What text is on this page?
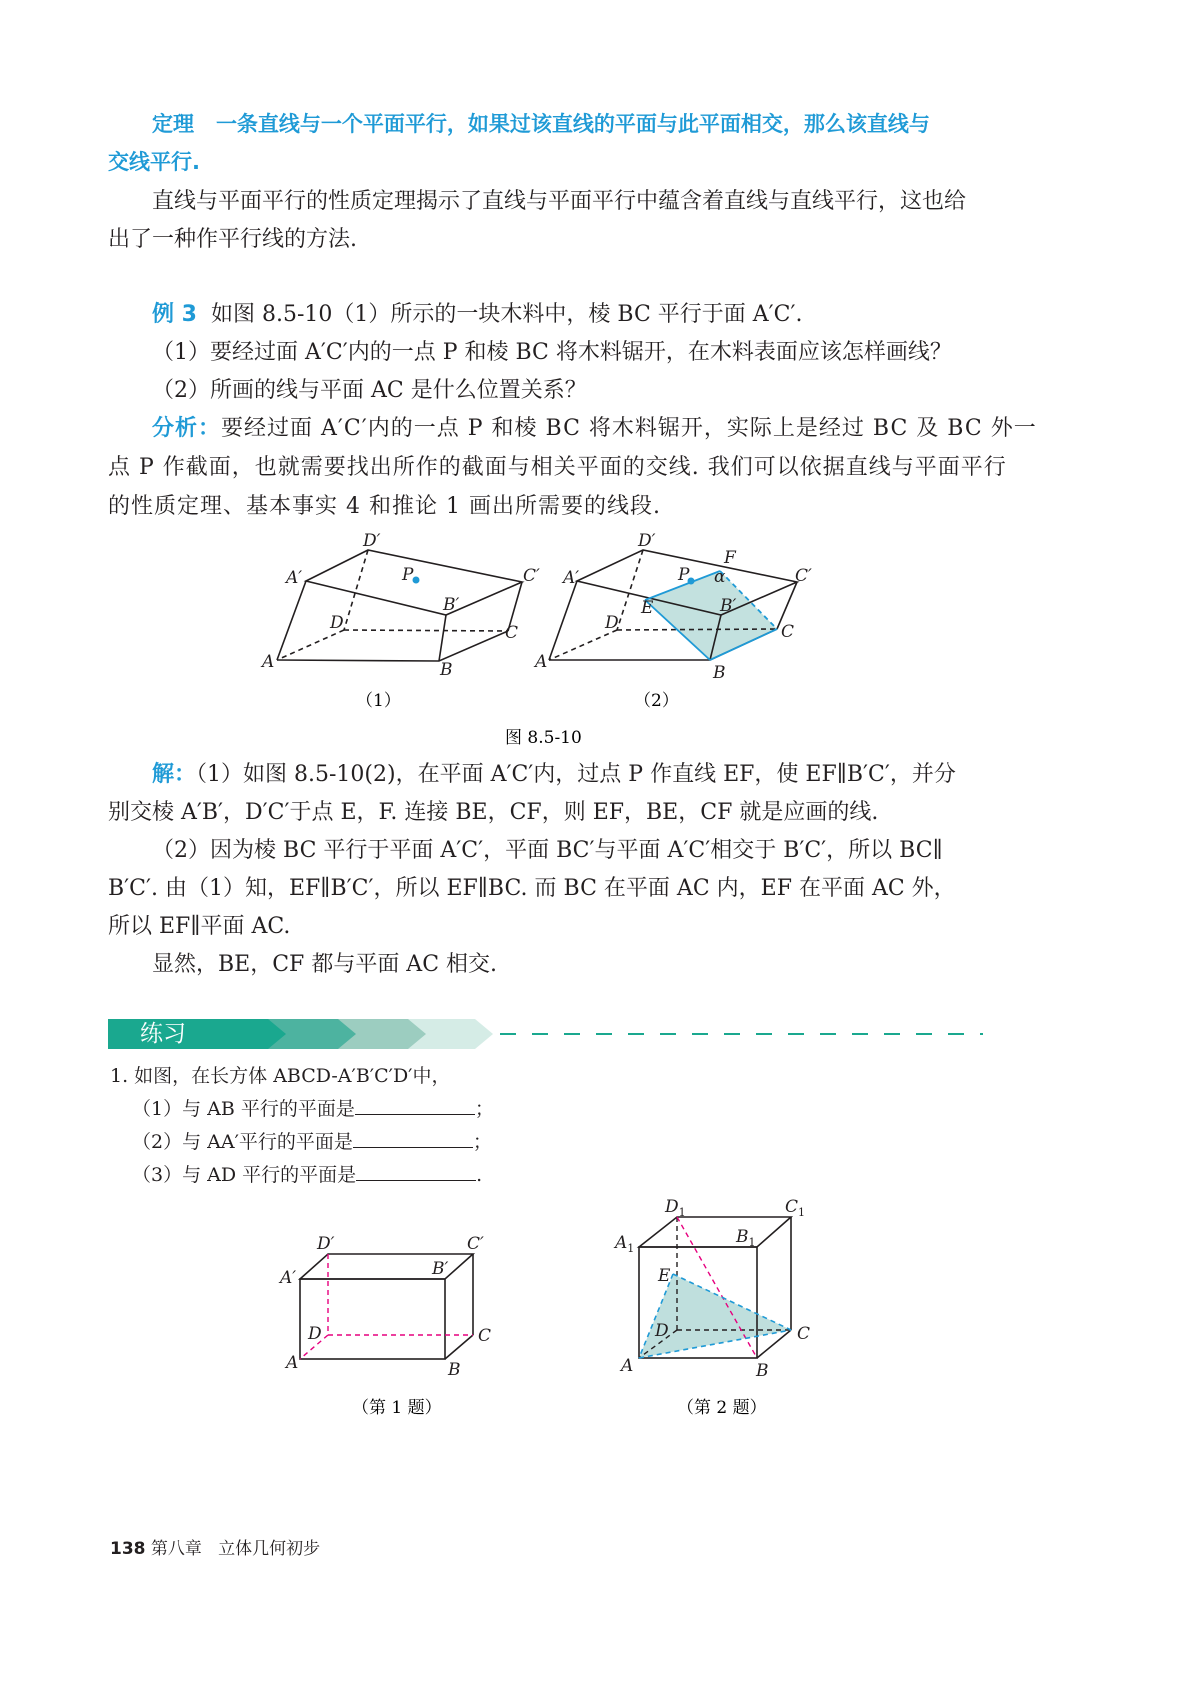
定理 一条直线与一个平面平行，如果过该直线的平面与此平面相交，那么该直线与
交线平行.
直线与平面平行的性质定理揭示了直线与平面平行中蕴含着直线与直线平行，这也给
出了一种作平行线的方法.
例 3 如图 8.5-10（1）所示的一块木料中，棱 BC 平行于面 A′C′.
（1）要经过面 A′C′内的一点 P 和棱 BC 将木料锯开，在木料表面应该怎样画线？
（2）所画的线与平面 AC 是什么位置关系？
分析：要经过面 A′C′内的一点 P 和棱 BC 将木料锯开，实际上是经过 BC 及 BC 外一
点 P 作截面，也就需要找出所作的截面与相关平面的交线. 我们可以依据直线与平面平行
的性质定理、基本事实 4 和推论 1 画出所需要的线段.
D′
A′	P	C′
B′
D	C
A	B
（1）
D′
F
A′	P α	C′
E	B′
D	C
A
B
（2）
图 8.5-10
解：（1）如图 8.5-10(2)，在平面 A′C′内，过点 P 作直线 EF，使 EF∥B′C′，并分
别交棱 A′B′，D′C′于点 E，F. 连接 BE，CF，则 EF，BE，CF 就是应画的线.
（2）因为棱 BC 平行于平面 A′C′，平面 BC′与平面 A′C′相交于 B′C′，所以 BC∥
B′C′. 由（1）知，EF∥B′C′，所以 EF∥BC. 而 BC 在平面 AC 内，EF 在平面 AC 外，
所以 EF∥平面 AC.
显然，BE，CF 都与平面 AC 相交.
练习
1. 如图，在长方体 ABCD-A′B′C′D′中，
（1）与 AB 平行的平面是	；
（2）与 AA′平行的平面是	；
（3）与 AD 平行的平面是	.
D′	C′
A′	B′
D	C
A	B
（第 1 题）
$D_1$	$C_1$
$A_1$
$B_1$
E
D	C
A	B
（第 2 题）
138 第八章 立体几何初步
